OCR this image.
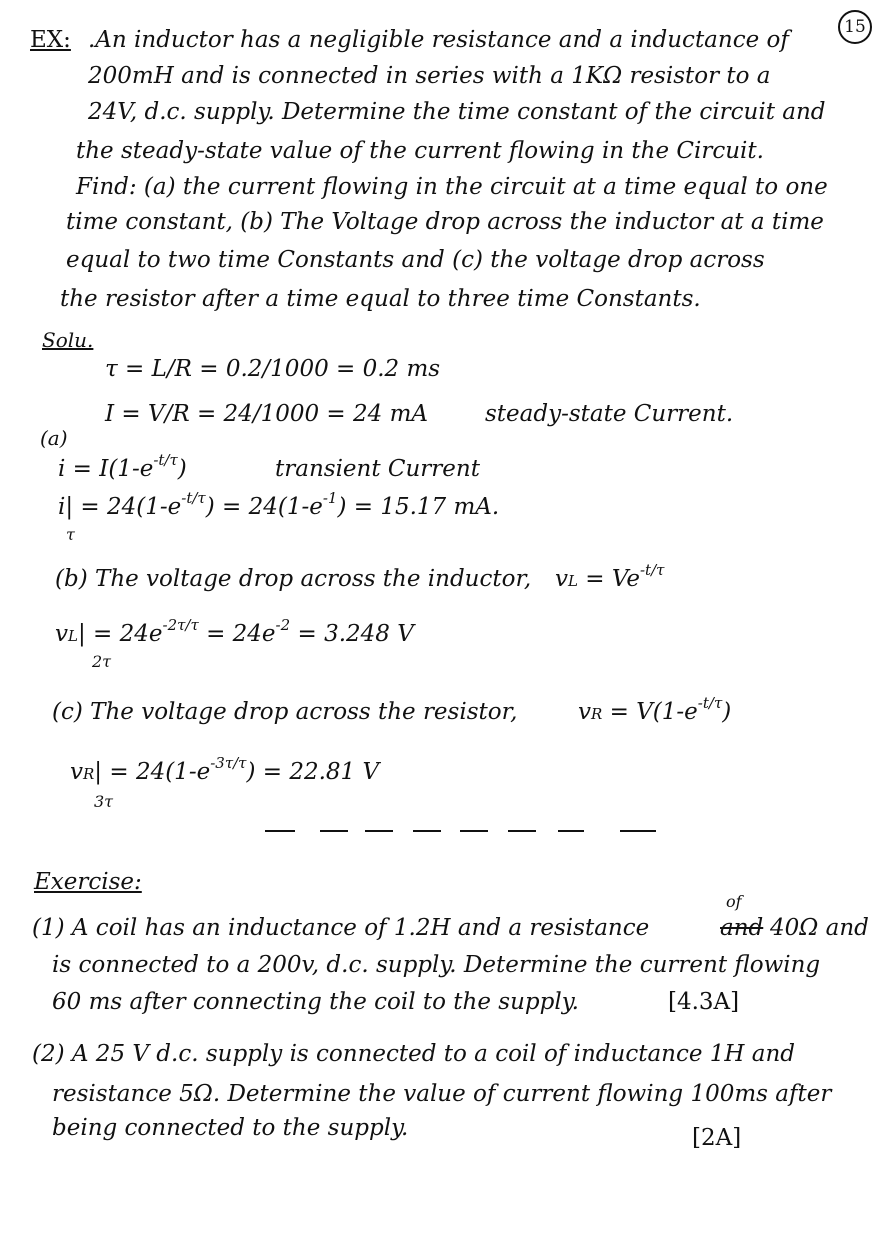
15
EX: .An inductor has a negligible resistance and a inductance of
200mH and is connected in series with a 1KΩ resistor to a
24V, d.c. supply. Determine the time constant of the circuit and
the steady-state value of the current flowing in the Circuit.
Find: (a) the current flowing in the circuit at a time equal to one
time constant, (b) The Voltage drop across the inductor at a time
equal to two time Constants and (c) the voltage drop across
the resistor after a time equal to three time Constants.
Solu.
τ = L/R = 0.2/1000 = 0.2 ms
I = V/R = 24/1000 = 24 mA steady-state Current.
(a)
$i = I(1-e^{-t/\tau})$	transient Current
$i| = 24(1-e^{-t/\tau}) = 24(1-e^{-1}) = 15.17$ mA.
τ
(b) The voltage drop across the inductor, vL = $Ve^{-t/\tau}$
$vL| = 24e^{-2\tau/\tau} = 24e^{-2} = 3.248$ V
2τ
(c) The voltage drop across the resistor,	vR = $V(1-e^{-t/\tau})$
$vR| = 24(1-e^{-3\tau/\tau}) = 22.81$ V
3τ
Exercise:
(1) A coil has an inductance of 1.2H and a resistance	and
of
40Ω and
is connected to a 200v, d.c. supply. Determine the current flowing
60 ms after connecting the coil to the supply.	[4.3A]
(2) A 25 V d.c. supply is connected to a coil of inductance 1H and
resistance 5Ω. Determine the value of current flowing 100ms after
being connected to the supply.	[2A]
